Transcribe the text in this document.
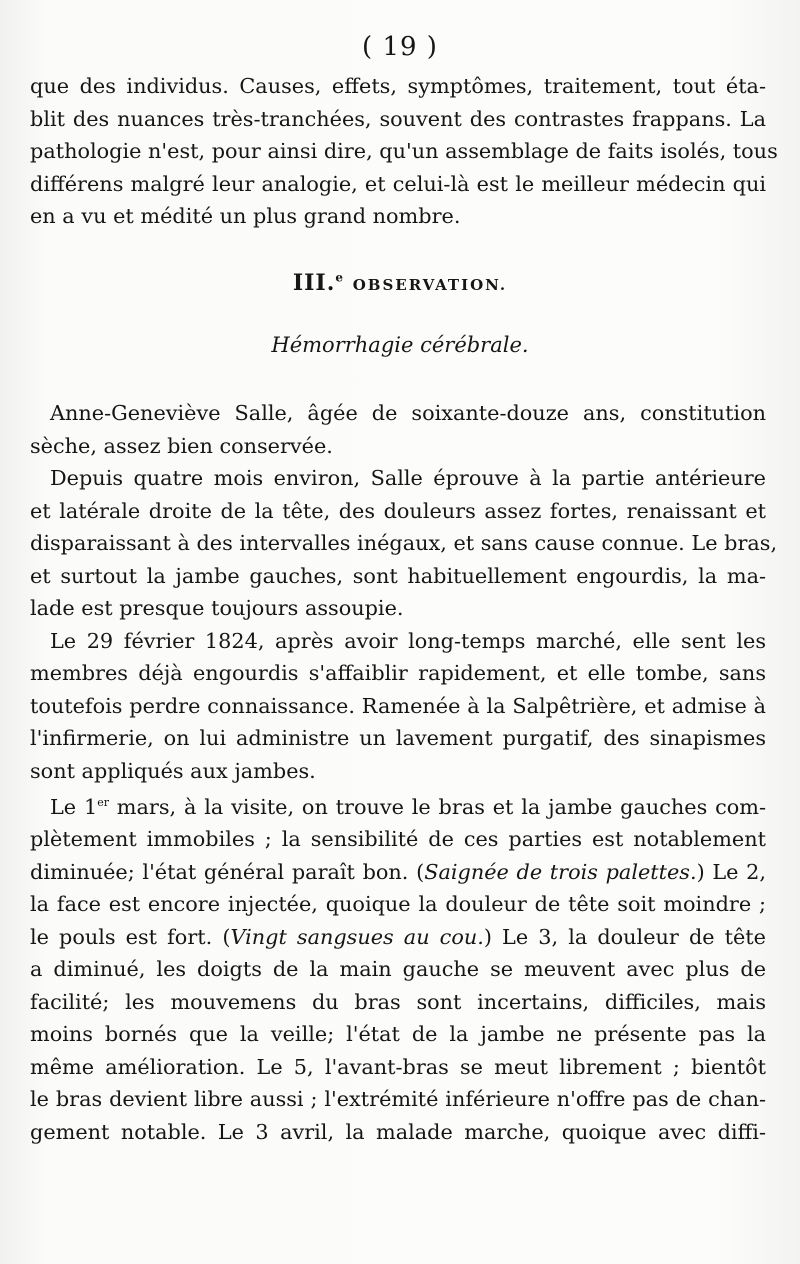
( 19 )
que des individus. Causes, effets, symptômes, traitement, tout éta-
blit des nuances très-tranchées, souvent des contrastes frappans. La
pathologie n'est, pour ainsi dire, qu'un assemblage de faits isolés, tous
différens malgré leur analogie, et celui-là est le meilleur médecin qui
en a vu et médité un plus grand nombre.
III.$^e$ OBSERVATION.
Hémorrhagie cérébrale.
Anne-Geneviève Salle, âgée de soixante-douze ans, constitution
sèche, assez bien conservée.
Depuis quatre mois environ, Salle éprouve à la partie antérieure
et latérale droite de la tête, des douleurs assez fortes, renaissant et
disparaissant à des intervalles inégaux, et sans cause connue. Le bras,
et surtout la jambe gauches, sont habituellement engourdis, la ma-
lade est presque toujours assoupie.
Le 29 février 1824, après avoir long-temps marché, elle sent les
membres déjà engourdis s'affaiblir rapidement, et elle tombe, sans
toutefois perdre connaissance. Ramenée à la Salpêtrière, et admise à
l'infirmerie, on lui administre un lavement purgatif, des sinapismes
sont appliqués aux jambes.
Le 1er mars, à la visite, on trouve le bras et la jambe gauches com-
plètement immobiles ; la sensibilité de ces parties est notablement
diminuée; l'état général paraît bon. (Saignée de trois palettes.) Le 2,
la face est encore injectée, quoique la douleur de tête soit moindre ;
le pouls est fort. (Vingt sangsues au cou.) Le 3, la douleur de tête
a diminué, les doigts de la main gauche se meuvent avec plus de
facilité; les mouvemens du bras sont incertains, difficiles, mais
moins bornés que la veille; l'état de la jambe ne présente pas la
même amélioration. Le 5, l'avant-bras se meut librement ; bientôt
le bras devient libre aussi ; l'extrémité inférieure n'offre pas de chan-
gement notable. Le 3 avril, la malade marche, quoique avec diffi-
